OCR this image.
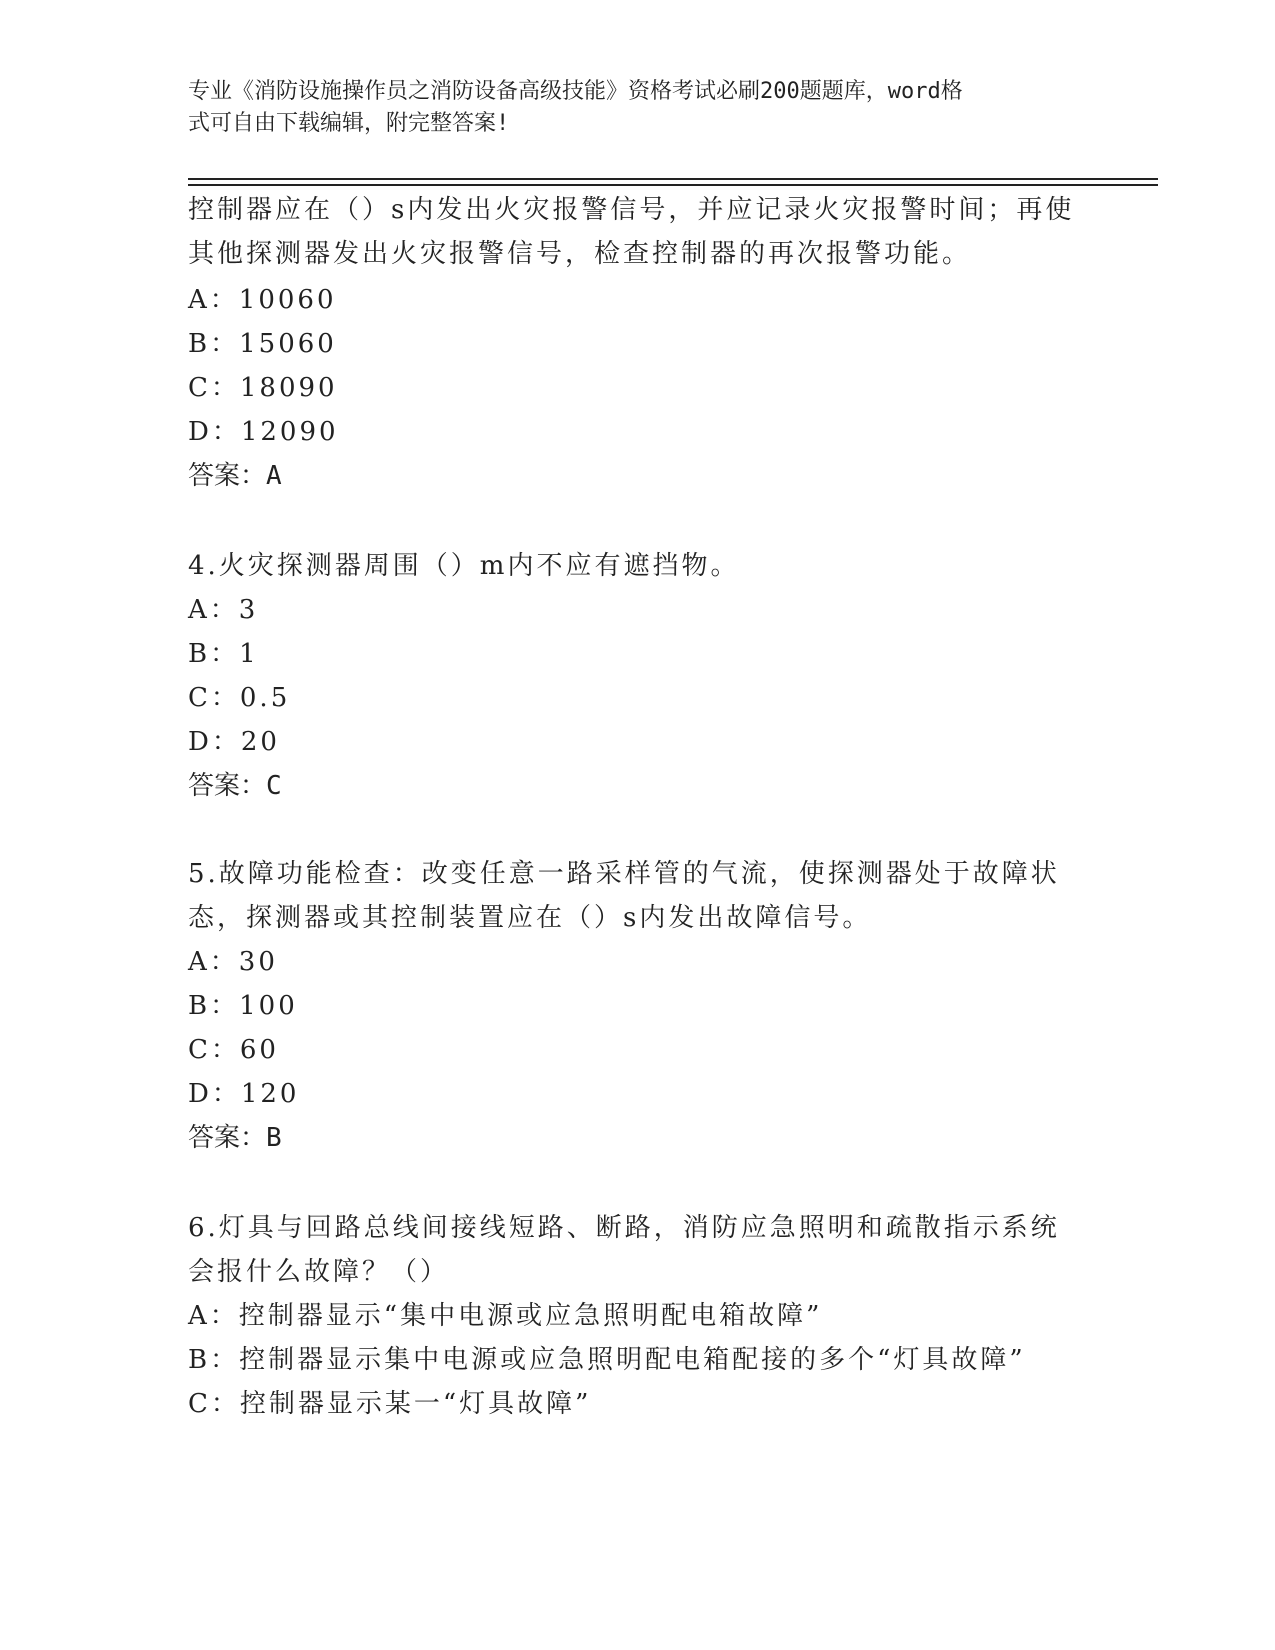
专业《消防设施操作员之消防设备高级技能》资格考试必刷200题题库，word格
式可自由下载编辑，附完整答案!
控制器应在（）s内发出火灾报警信号，并应记录火灾报警时间；再使
其他探测器发出火灾报警信号，检查控制器的再次报警功能。
A：10060
B：15060
C：18090
D：12090
答案：A
4.火灾探测器周围（）m内不应有遮挡物。
A：3
B：1
C：0.5
D：20
答案：C
5.故障功能检查：改变任意一路采样管的气流，使探测器处于故障状
态，探测器或其控制装置应在（）s内发出故障信号。
A：30
B：100
C：60
D：120
答案：B
6.灯具与回路总线间接线短路、断路，消防应急照明和疏散指示系统
会报什么故障？（）
A：控制器显示“集中电源或应急照明配电箱故障”
B：控制器显示集中电源或应急照明配电箱配接的多个“灯具故障”
C：控制器显示某一“灯具故障”
